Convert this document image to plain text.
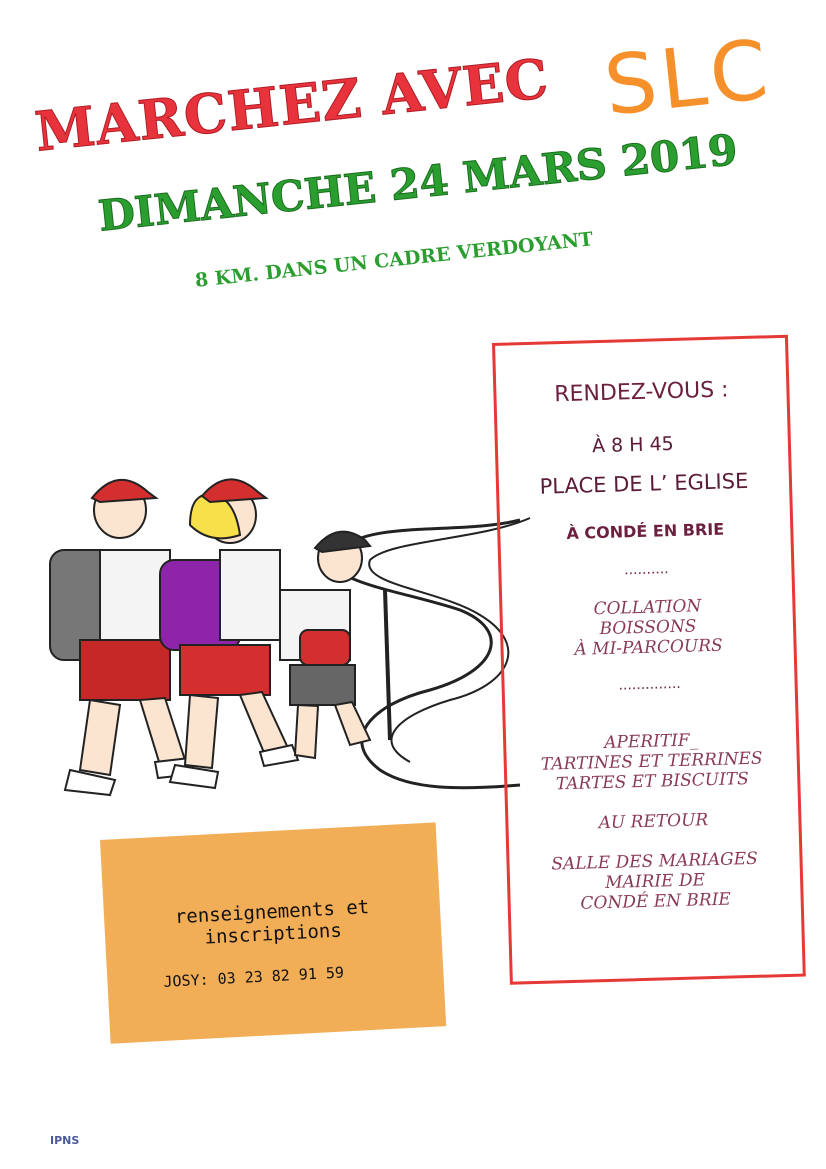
MARCHEZ AVEC SLC
DIMANCHE 24 MARS 2019
8 KM. DANS UN CADRE VERDOYANT
RENDEZ-VOUS :
À 8 H 45
PLACE DE L’ EGLISE
À CONDÉ EN BRIE
..........
COLLATION
BOISSONS
À MI-PARCOURS
..............
APERITIF_
TARTINES ET TERRINES
TARTES ET BISCUITS
AU RETOUR
SALLE DES MARIAGES
MAIRIE DE
CONDÉ EN BRIE
renseignements et
inscriptions
JOSY: 03 23 82 91 59
IPNS
